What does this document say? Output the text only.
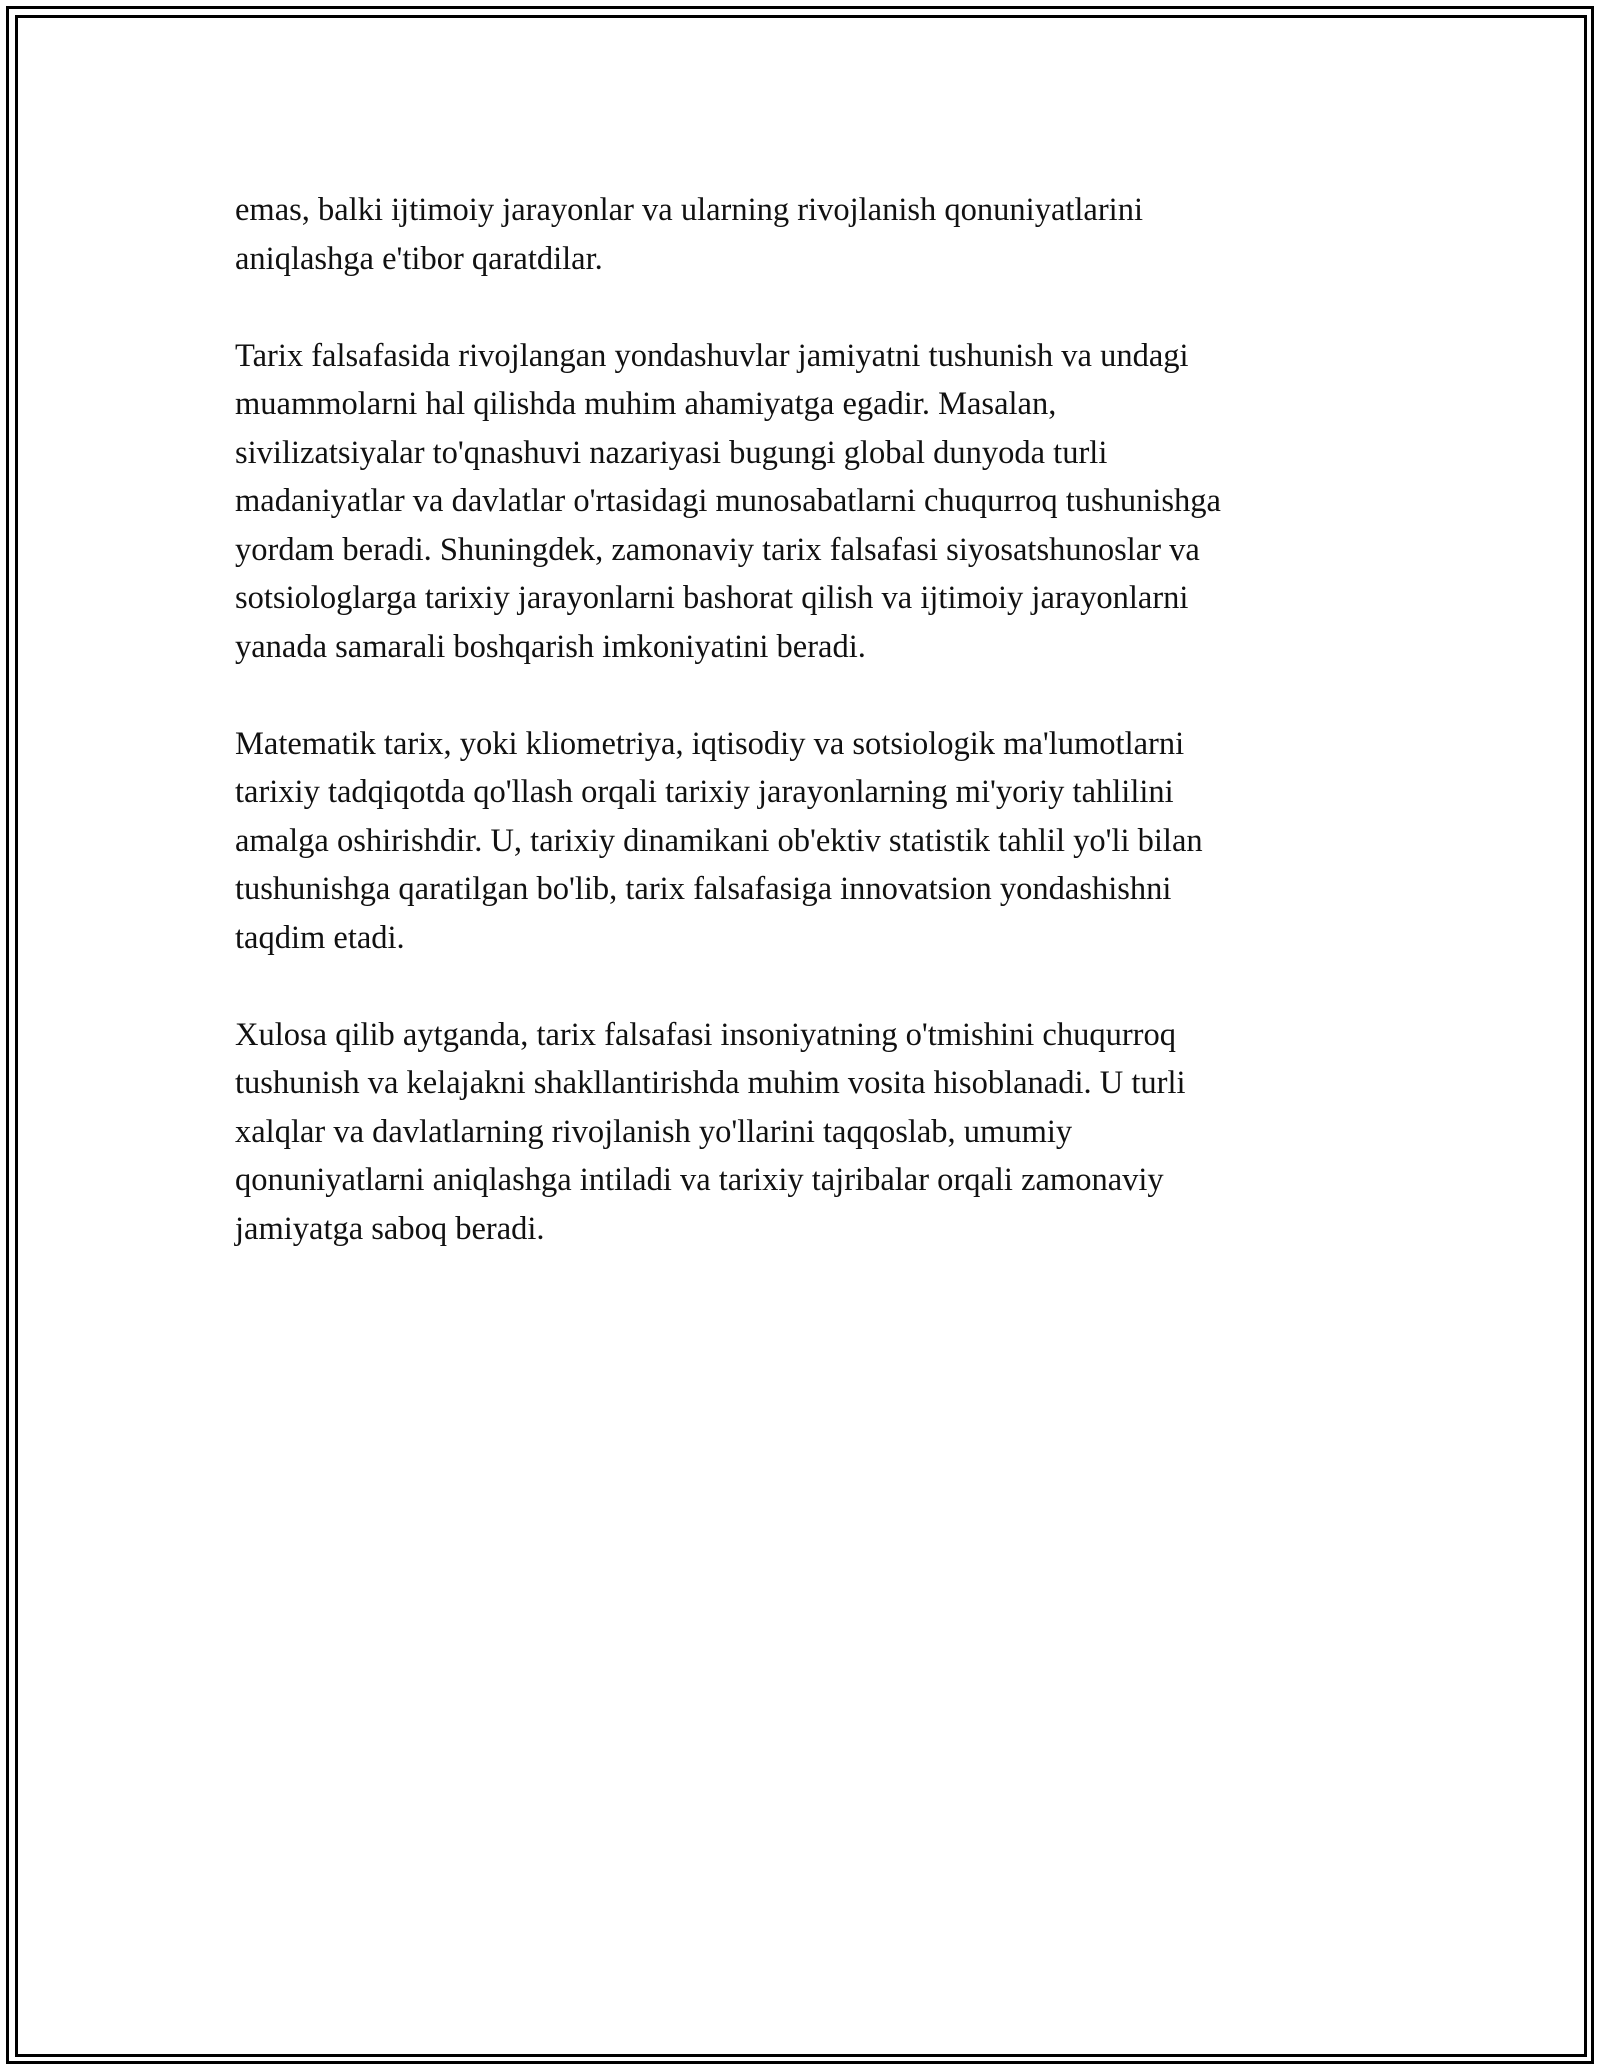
emas, balki ijtimoiy jarayonlar va ularning rivojlanish qonuniyatlarini
aniqlashga e'tibor qaratdilar.

Tarix falsafasida rivojlangan yondashuvlar jamiyatni tushunish va undagi
muammolarni hal qilishda muhim ahamiyatga egadir. Masalan,
sivilizatsiyalar to'qnashuvi nazariyasi bugungi global dunyoda turli
madaniyatlar va davlatlar o'rtasidagi munosabatlarni chuqurroq tushunishga
yordam beradi. Shuningdek, zamonaviy tarix falsafasi siyosatshunoslar va
sotsiologlarga tarixiy jarayonlarni bashorat qilish va ijtimoiy jarayonlarni
yanada samarali boshqarish imkoniyatini beradi.

Matematik tarix, yoki kliometriya, iqtisodiy va sotsiologik ma'lumotlarni
tarixiy tadqiqotda qo'llash orqali tarixiy jarayonlarning mi'yoriy tahlilini
amalga oshirishdir. U, tarixiy dinamikani ob'ektiv statistik tahlil yo'li bilan
tushunishga qaratilgan bo'lib, tarix falsafasiga innovatsion yondashishni
taqdim etadi.

Xulosa qilib aytganda, tarix falsafasi insoniyatning o'tmishini chuqurroq
tushunish va kelajakni shakllantirishda muhim vosita hisoblanadi. U turli
xalqlar va davlatlarning rivojlanish yo'llarini taqqoslab, umumiy
qonuniyatlarni aniqlashga intiladi va tarixiy tajribalar orqali zamonaviy
jamiyatga saboq beradi.
